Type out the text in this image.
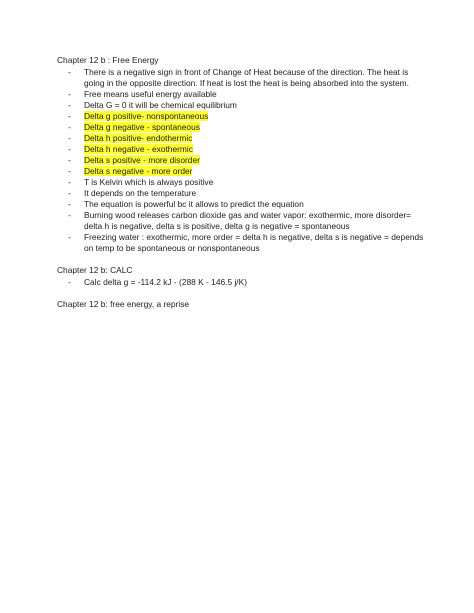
Chapter 12 b : Free Energy
- There is a negative sign in front of Change of Heat because of the direction. The heat is going in the opposite direction. If heat is lost the heat is being absorbed into the system.
- Free means useful energy available
- Delta G = 0 it will be chemical equilibrium
- Delta g positive- nonspontaneous
- Delta g negative - spontaneous
- Delta h positive- endothermic
- Delta h negative - exothermic
- Delta s positive - more disorder
- Delta s negative - more order
- T is Kelvin which is always positive
- It depends on the temperature
- The equation is powerful bc it allows to predict the equation
- Burning wood releases carbon dioxide gas and water vapor: exothermic, more disorder= delta h is negative, delta s is positive, delta g is negative = spontaneous
- Freezing water : exothermic, more order = delta h is negative, delta s is negative = depends on temp to be spontaneous or nonspontaneous
Chapter 12 b: CALC
- Calc delta g = -114.2 kJ - (288 K - 146.5 j/K)
Chapter 12 b: free energy, a reprise
